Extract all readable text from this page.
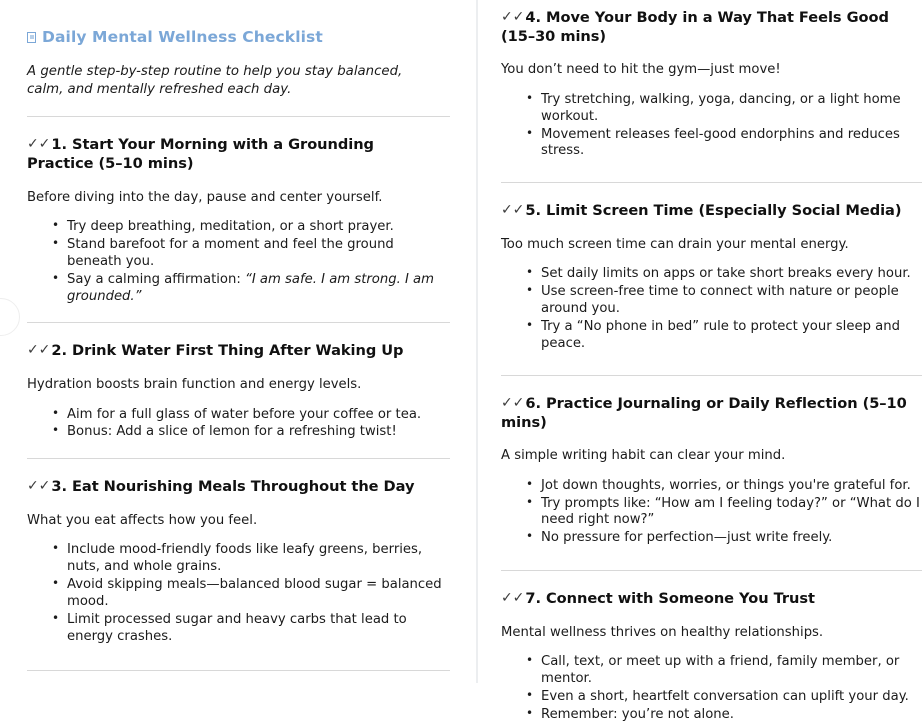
Daily Mental Wellness Checklist

A gentle step-by-step routine to help you stay balanced, calm, and mentally refreshed each day.

✓✓1. Start Your Morning with a Grounding Practice (5–10 mins)

Before diving into the day, pause and center yourself.

• Try deep breathing, meditation, or a short prayer.
• Stand barefoot for a moment and feel the ground beneath you.
• Say a calming affirmation: “I am safe. I am strong. I am grounded.”
✓✓2. Drink Water First Thing After Waking Up

Hydration boosts brain function and energy levels.

• Aim for a full glass of water before your coffee or tea.
• Bonus: Add a slice of lemon for a refreshing twist!
✓✓3. Eat Nourishing Meals Throughout the Day

What you eat affects how you feel.

• Include mood-friendly foods like leafy greens, berries, nuts, and whole grains.
• Avoid skipping meals—balanced blood sugar = balanced mood.
• Limit processed sugar and heavy carbs that lead to energy crashes.
✓✓4. Move Your Body in a Way That Feels Good (15–30 mins)

You don’t need to hit the gym—just move!

• Try stretching, walking, yoga, dancing, or a light home workout.
• Movement releases feel-good endorphins and reduces stress.
✓✓5. Limit Screen Time (Especially Social Media)

Too much screen time can drain your mental energy.

• Set daily limits on apps or take short breaks every hour.
• Use screen-free time to connect with nature or people around you.
• Try a “No phone in bed” rule to protect your sleep and peace.
✓✓6. Practice Journaling or Daily Reflection (5–10 mins)

A simple writing habit can clear your mind.

• Jot down thoughts, worries, or things you're grateful for.
• Try prompts like: “How am I feeling today?” or “What do I need right now?”
• No pressure for perfection—just write freely.
✓✓7. Connect with Someone You Trust

Mental wellness thrives on healthy relationships.

• Call, text, or meet up with a friend, family member, or mentor.
• Even a short, heartfelt conversation can uplift your day.
• Remember: you’re not alone.
